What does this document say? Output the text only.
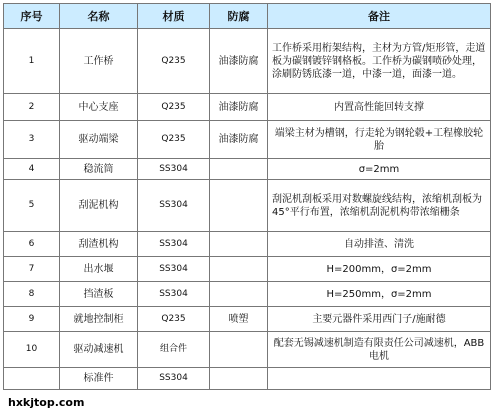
序号	名称	材质	防腐	备注
1	工作桥	Q235	油漆防腐	工作桥采用桁架结构，主材为方管/矩形管，走道板为碳钢镀锌钢格板。工作桥为碳钢喷砂处理，涂刷防锈底漆一道，中漆一道，面漆一道。
2	中心支座	Q235	油漆防腐	内置高性能回转支撑
3	驱动端梁	Q235	油漆防腐	端梁主材为槽钢，行走轮为钢轮毂+工程橡胶轮胎
4	稳流筒	SS304		σ=2mm
5	刮泥机构	SS304		刮泥机刮板采用对数螺旋线结构，浓缩机刮板为45°平行布置，浓缩机刮泥机构带浓缩栅条
6	刮渣机构	SS304		自动排渣、清洗
7	出水堰	SS304		H=200mm，σ=2mm
8	挡渣板	SS304		H=250mm，σ=2mm
9	就地控制柜	Q235	喷塑	主要元器件采用西门子/施耐德
10	驱动减速机	组合件		配套无锡减速机制造有限责任公司减速机，ABB电机
	标准件	SS304		
hxkjtop.com
